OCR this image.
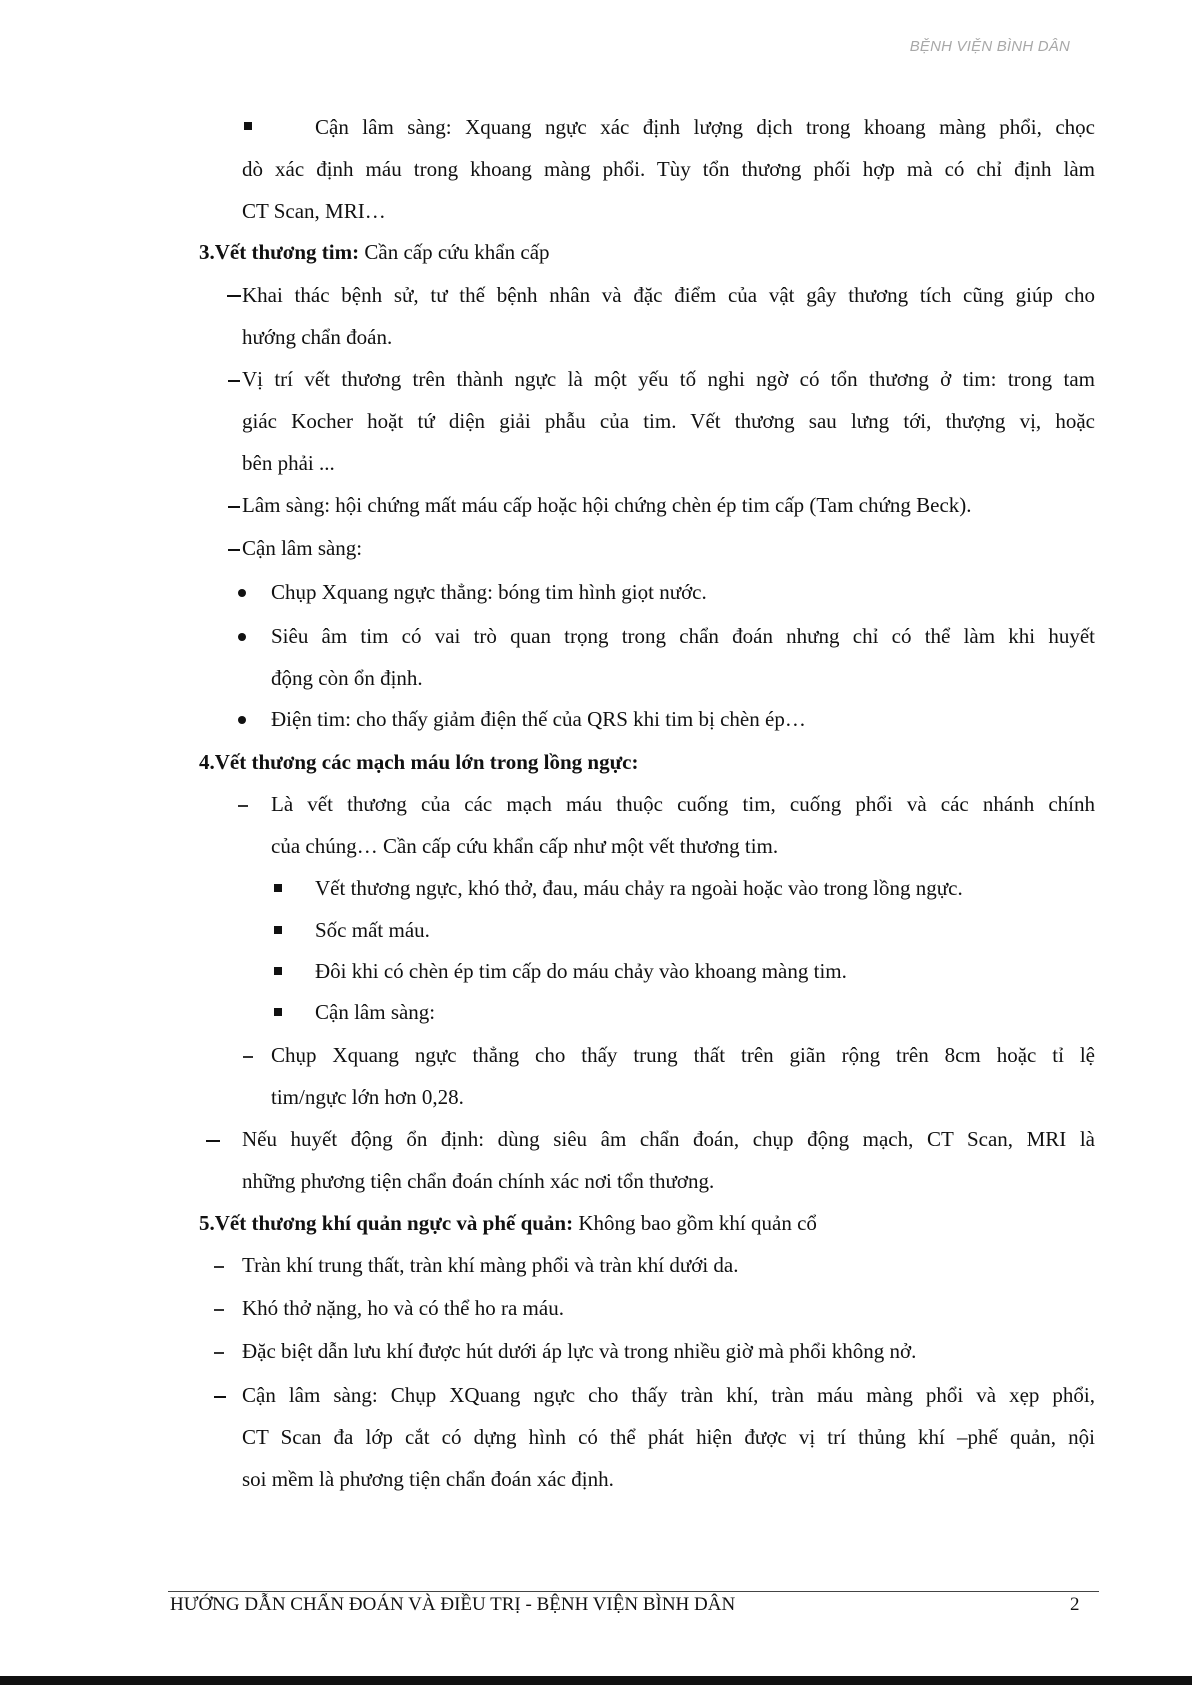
BỆNH VIỆN BÌNH DÂN
Cận lâm sàng: Xquang ngực xác định lượng dịch trong khoang màng phổi, chọc
dò xác định máu trong khoang màng phổi. Tùy tổn thương phối hợp mà có chỉ định làm
CT Scan, MRI…
3.Vết thương tim: Cần cấp cứu khẩn cấp
Khai thác bệnh sử, tư thế bệnh nhân và đặc điểm của vật gây thương tích cũng giúp cho
hướng chẩn đoán.
Vị trí vết thương trên thành ngực là một yếu tố nghi ngờ có tổn thương ở tim: trong tam
giác Kocher hoặt tứ diện giải phẫu của tim. Vết thương sau lưng tới, thượng vị, hoặc
bên phải ...
Lâm sàng: hội chứng mất máu cấp hoặc hội chứng chèn ép tim cấp (Tam chứng Beck).
Cận lâm sàng:
Chụp Xquang ngực thẳng: bóng tim hình giọt nước.
Siêu âm tim có vai trò quan trọng trong chẩn đoán nhưng chỉ có thể làm khi huyết
động còn ổn định.
Điện tim: cho thấy giảm điện thế của QRS khi tim bị chèn ép…
4.Vết thương các mạch máu lớn trong lồng ngực:
Là vết thương của các mạch máu thuộc cuống tim, cuống phổi và các nhánh chính
của chúng… Cần cấp cứu khẩn cấp như một vết thương tim.
Vết thương ngực, khó thở, đau, máu chảy ra ngoài hoặc vào trong lồng ngực.
Sốc mất máu.
Đôi khi có chèn ép tim cấp do máu chảy vào khoang màng tim.
Cận lâm sàng:
Chụp Xquang ngực thẳng cho thấy trung thất trên giãn rộng trên 8cm hoặc tỉ lệ
tim/ngực lớn hơn 0,28.
Nếu huyết động ổn định: dùng siêu âm chẩn đoán, chụp động mạch, CT Scan, MRI là
những phương tiện chẩn đoán chính xác nơi tổn thương.
5.Vết thương khí quản ngực và phế quản: Không bao gồm khí quản cổ
Tràn khí trung thất, tràn khí màng phổi và tràn khí dưới da.
Khó thở nặng, ho và có thể ho ra máu.
Đặc biệt dẫn lưu khí được hút dưới áp lực và trong nhiều giờ mà phổi không nở.
Cận lâm sàng: Chụp XQuang ngực cho thấy tràn khí, tràn máu màng phổi và xẹp phổi,
CT Scan đa lớp cắt có dựng hình có thể phát hiện được vị trí thủng khí –phế quản, nội
soi mềm là phương tiện chẩn đoán xác định.
HƯỚNG DẪN CHẨN ĐOÁN VÀ ĐIỀU TRỊ - BỆNH VIỆN BÌNH DÂN	2
